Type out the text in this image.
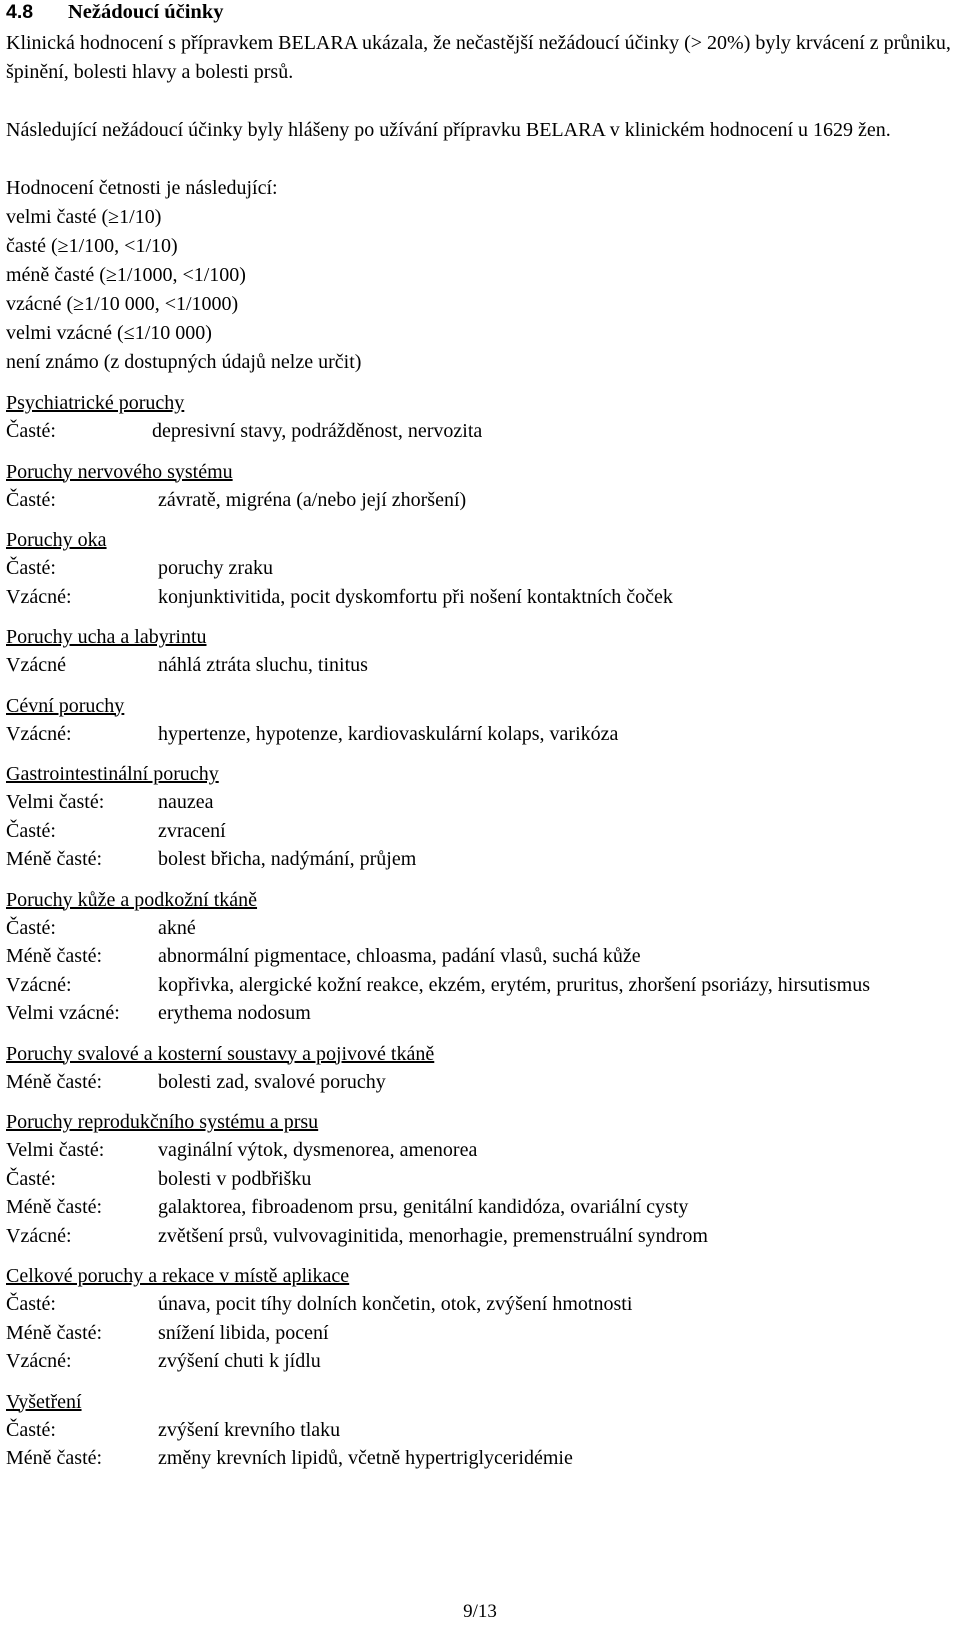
4.8	Nežádoucí účinky

Klinická hodnocení s přípravkem BELARA ukázala, že nečastější nežádoucí účinky (> 20%) byly krvácení z průniku, špinění, bolesti hlavy a bolesti prsů.

Následující nežádoucí účinky byly hlášeny po užívání přípravku BELARA v klinickém hodnocení u 1629 žen.

Hodnocení četnosti je následující:
velmi časté (≥1/10)
časté (≥1/100, <1/10)
méně časté (≥1/1000, <1/100)
vzácné (≥1/10 000, <1/1000)
velmi vzácné (≤1/10 000)
není známo (z dostupných údajů nelze určit)
Psychiatrické poruchy
Časté:	depresivní stavy, podrážděnost, nervozita
Poruchy nervového systému
Časté:	závratě, migréna (a/nebo její zhoršení)
Poruchy oka
Časté:	poruchy zraku
Vzácné:	konjunktivitida, pocit dyskomfortu při nošení kontaktních čoček
Poruchy ucha a labyrintu
Vzácné	náhlá ztráta sluchu, tinitus
Cévní poruchy
Vzácné:	hypertenze, hypotenze, kardiovaskulární kolaps, varikóza
Gastrointestinální poruchy
Velmi časté:	nauzea
Časté:	zvracení
Méně časté:	bolest břicha, nadýmání, průjem
Poruchy kůže a podkožní tkáně
Časté:	akné
Méně časté:	abnormální pigmentace, chloasma, padání vlasů, suchá kůže
Vzácné:	kopřivka, alergické kožní reakce, ekzém, erytém, pruritus, zhoršení psoriázy, hirsutismus
Velmi vzácné:	erythema nodosum
Poruchy svalové a kosterní soustavy a pojivové tkáně
Méně časté:	bolesti zad, svalové poruchy
Poruchy reprodukčního systému a prsu
Velmi časté:	vaginální výtok, dysmenorea, amenorea
Časté:	bolesti v podbřišku
Méně časté:	galaktorea, fibroadenom prsu, genitální kandidóza, ovariální cysty
Vzácné:	zvětšení prsů, vulvovaginitida, menorhagie, premenstruální syndrom
Celkové poruchy a rekace v místě aplikace
Časté:	únava, pocit tíhy dolních končetin, otok, zvýšení hmotnosti
Méně časté:	snížení libida, pocení
Vzácné:	zvýšení chuti k jídlu
Vyšetření
Časté:	zvýšení krevního tlaku
Méně časté:	změny krevních lipidů, včetně hypertriglyceridémie
9/13
